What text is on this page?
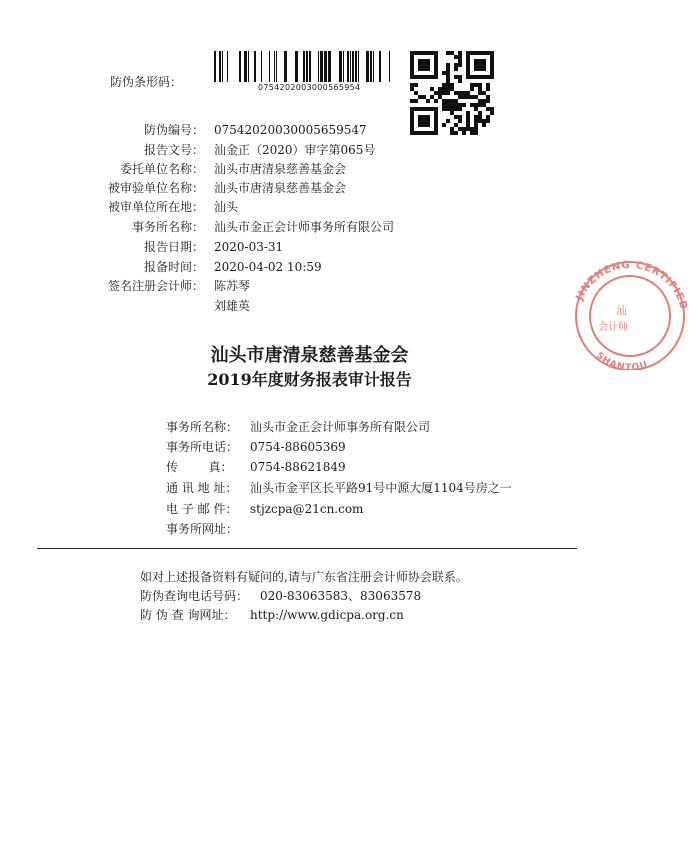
防伪条形码：	0754202003000565954
防伪编号： 07542020030005659547
报告文号： 汕金正（2020）审字第065号
委托单位名称： 汕头市唐清泉慈善基金会
被审验单位名称： 汕头市唐清泉慈善基金会
被审单位所在地： 汕头
事务所名称： 汕头市金正会计师事务所有限公司
报告日期： 2020-03-31
报备时间： 2020-04-02 10:59
签名注册会计师： 陈苏琴
刘雄英
汕头市唐清泉慈善基金会
2019年度财务报表审计报告
事务所名称： 汕头市金正会计师事务所有限公司
事务所电话： 0754-88605369
传        真： 0754-88621849
通 讯 地 址： 汕头市金平区长平路91号中源大厦1104号房之一
电 子 邮 件： stjzcpa@21cn.com
事务所网址：
如对上述报备资料有疑问的,请与广东省注册会计师协会联系。
防伪查询电话号码： 020-83063583、83063578
防 伪 查 询网址： http://www.gdicpa.org.cn
JINZHENG CERTIFIED
SHANTOU
汕
会计师
